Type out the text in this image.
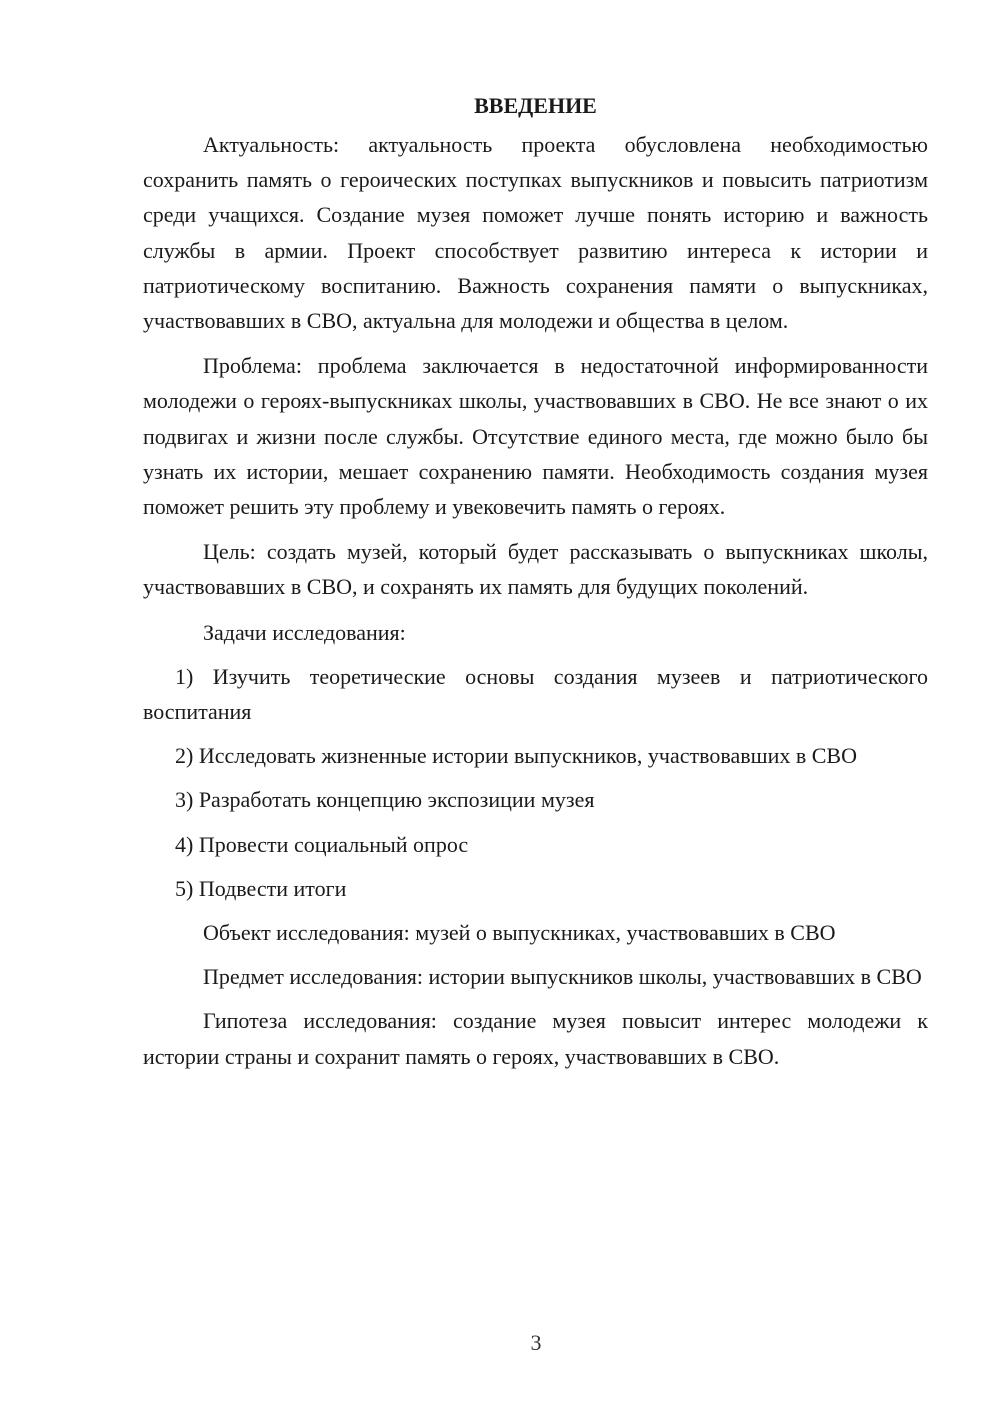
ВВЕДЕНИЕ

Актуальность: актуальность проекта обусловлена необходимостью сохранить память о героических поступках выпускников и повысить патриотизм среди учащихся. Создание музея поможет лучше понять историю и важность службы в армии. Проект способствует развитию интереса к истории и патриотическому воспитанию. Важность сохранения памяти о выпускниках, участвовавших в СВО, актуальна для молодежи и общества в целом.

Проблема: проблема заключается в недостаточной информированности молодежи о героях-выпускниках школы, участвовавших в СВО. Не все знают о их подвигах и жизни после службы. Отсутствие единого места, где можно было бы узнать их истории, мешает сохранению памяти. Необходимость создания музея поможет решить эту проблему и увековечить память о героях.

Цель: создать музей, который будет рассказывать о выпускниках школы, участвовавших в СВО, и сохранять их память для будущих поколений.

Задачи исследования:

1) Изучить теоретические основы создания музеев и патриотического воспитания

2) Исследовать жизненные истории выпускников, участвовавших в СВО

3) Разработать концепцию экспозиции музея

4) Провести социальный опрос

5) Подвести итоги

Объект исследования: музей о выпускниках, участвовавших в СВО

Предмет исследования: истории выпускников школы, участвовавших в СВО

Гипотеза исследования: создание музея повысит интерес молодежи к истории страны и сохранит память о героях, участвовавших в СВО.

3
